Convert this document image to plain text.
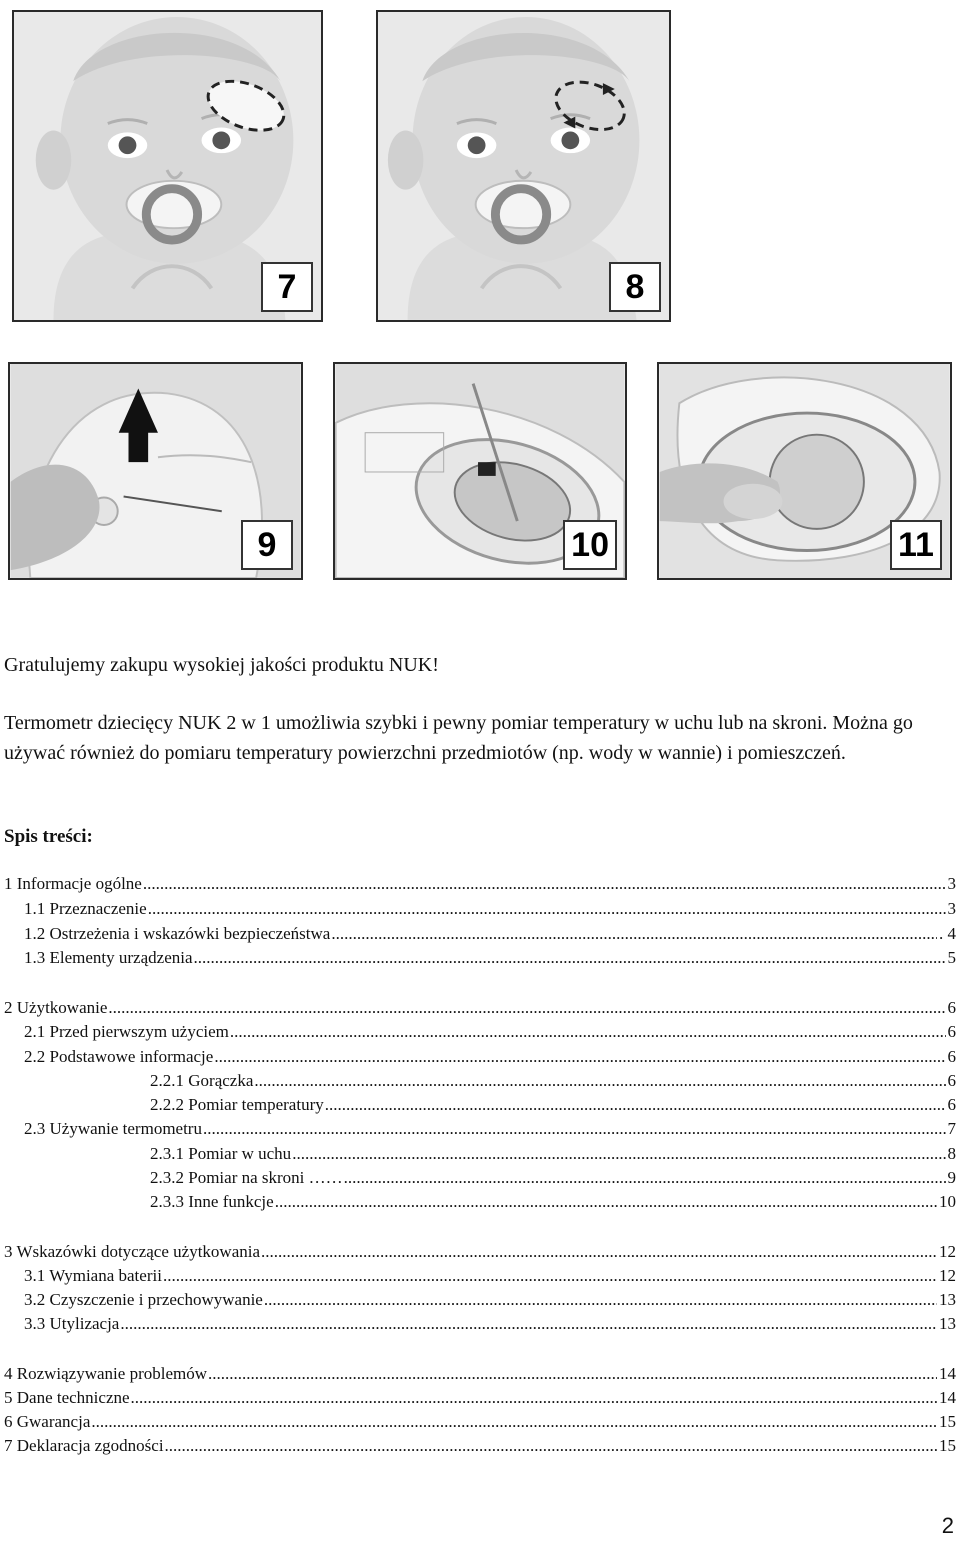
7	8
9	10	11
Gratulujemy zakupu wysokiej jakości produktu NUK!
Termometr dziecięcy NUK 2 w 1 umożliwia szybki i pewny pomiar temperatury w uchu lub na skroni. Można go używać również do pomiaru temperatury powierzchni przedmiotów (np. wody w wannie) i pomieszczeń.
Spis treści:
1 Informacje ogólne .....	3
1.1 Przeznaczenie .....	3
1.2 Ostrzeżenia i wskazówki bezpieczeństwa .....	. 4
1.3 Elementy urządzenia .....	5
2 Użytkowanie .....	6
2.1 Przed pierwszym użyciem .....	6
2.2 Podstawowe informacje .....	6
2.2.1 Gorączka .....	6
2.2.2 Pomiar temperatury .....	6
2.3 Używanie termometru .....	7
2.3.1 Pomiar w uchu .....	8
2.3.2 Pomiar na skroni …… .....	9
2.3.3 Inne funkcje .....	10
3 Wskazówki dotyczące użytkowania .....	12
3.1 Wymiana baterii .....	12
3.2 Czyszczenie i przechowywanie .....	13
3.3 Utylizacja .....	13
4 Rozwiązywanie problemów .....	14
5 Dane techniczne .....	14
6 Gwarancja .....	15
7 Deklaracja zgodności .....	15
2
